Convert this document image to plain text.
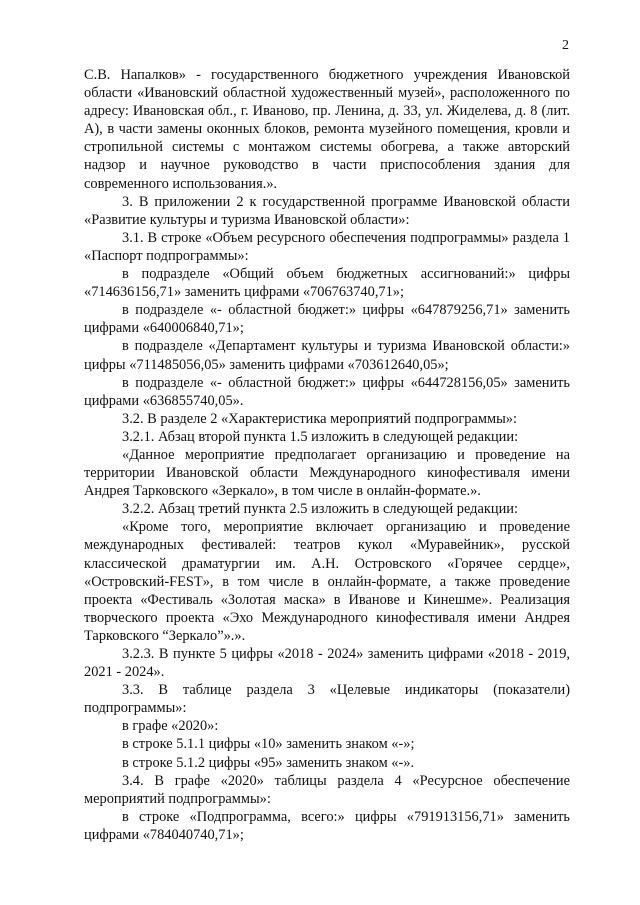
2

С.В. Напалков» - государственного бюджетного учреждения Ивановской области «Ивановский областной художественный музей», расположенного по адресу: Ивановская обл., г. Иваново, пр. Ленина, д. 33, ул. Жиделева, д. 8 (лит. А), в части замены оконных блоков, ремонта музейного помещения, кровли и стропильной системы с монтажом системы обогрева, а также авторский надзор и научное руководство в части приспособления здания для современного использования.».

3. В приложении 2 к государственной программе Ивановской области «Развитие культуры и туризма Ивановской области»:

3.1. В строке «Объем ресурсного обеспечения подпрограммы» раздела 1 «Паспорт подпрограммы»:

в подразделе «Общий объем бюджетных ассигнований:» цифры «714636156,71» заменить цифрами «706763740,71»;

в подразделе «- областной бюджет:» цифры «647879256,71» заменить цифрами «640006840,71»;

в подразделе «Департамент культуры и туризма Ивановской области:» цифры «711485056,05» заменить цифрами «703612640,05»;

в подразделе «- областной бюджет:» цифры «644728156,05» заменить цифрами «636855740,05».

3.2. В разделе 2 «Характеристика мероприятий подпрограммы»:

3.2.1. Абзац второй пункта 1.5 изложить в следующей редакции:

«Данное мероприятие предполагает организацию и проведение на территории Ивановской области Международного кинофестиваля имени Андрея Тарковского «Зеркало», в том числе в онлайн-формате.».

3.2.2. Абзац третий пункта 2.5 изложить в следующей редакции:

«Кроме того, мероприятие включает организацию и проведение международных фестивалей: театров кукол «Муравейник», русской классической драматургии им. А.Н. Островского «Горячее сердце», «Островский-FEST», в том числе в онлайн-формате, а также проведение проекта «Фестиваль «Золотая маска» в Иванове и Кинешме». Реализация творческого проекта «Эхо Международного кинофестиваля имени Андрея Тарковского “Зеркало”».».

3.2.3. В пункте 5 цифры «2018 - 2024» заменить цифрами «2018 - 2019, 2021 - 2024».

3.3. В таблице раздела 3 «Целевые индикаторы (показатели) подпрограммы»:

в графе «2020»:

в строке 5.1.1 цифры «10» заменить знаком «-»;

в строке 5.1.2 цифры «95» заменить знаком «-».

3.4. В графе «2020» таблицы раздела 4 «Ресурсное обеспечение мероприятий подпрограммы»:

в строке «Подпрограмма, всего:» цифры «791913156,71» заменить цифрами «784040740,71»;
